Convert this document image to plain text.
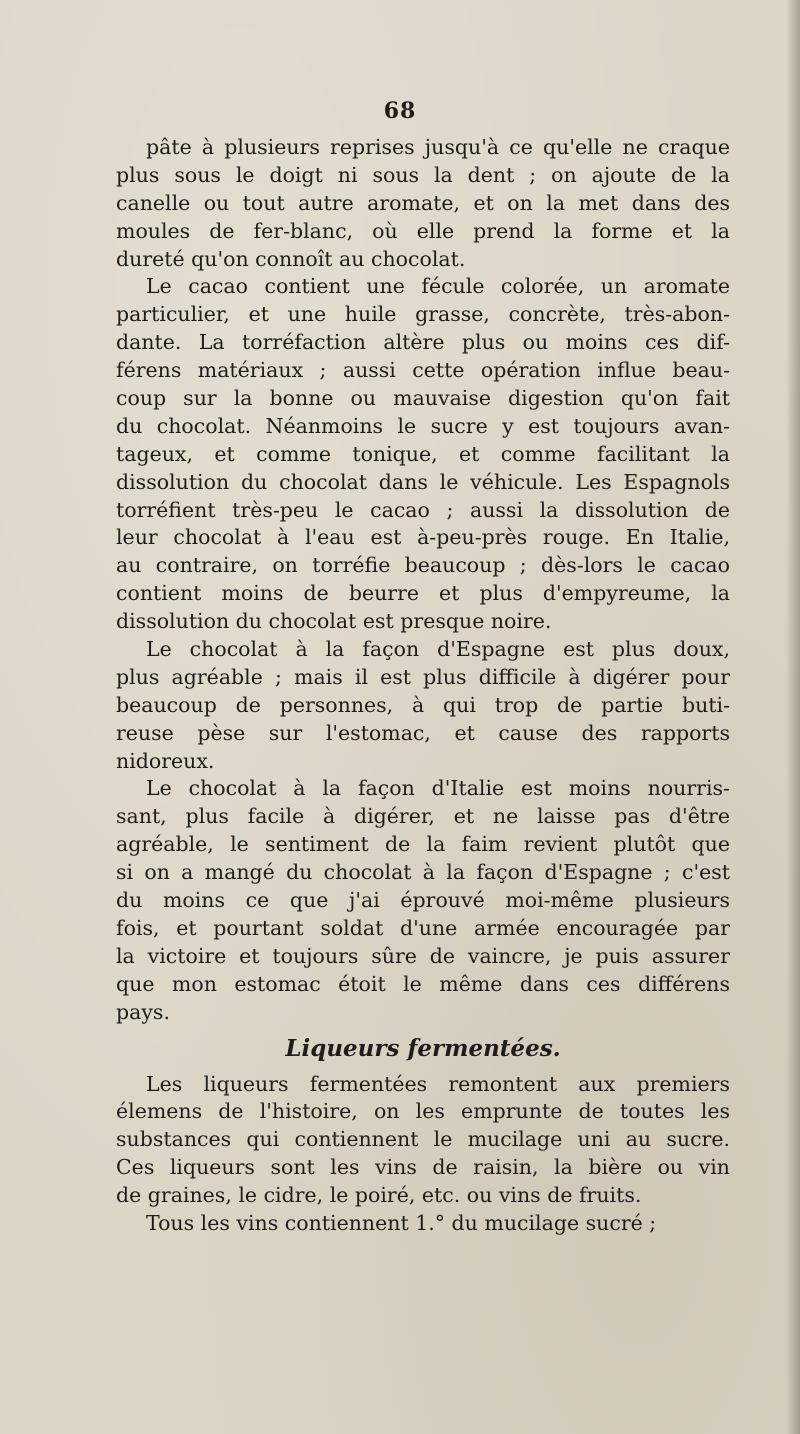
68
pâte à plusieurs reprises jusqu'à ce qu'elle ne craque
plus sous le doigt ni sous la dent ; on ajoute de la
canelle ou tout autre aromate, et on la met dans des
moules de fer-blanc, où elle prend la forme et la
dureté qu'on connoît au chocolat.
Le cacao contient une fécule colorée, un aromate
particulier, et une huile grasse, concrète, très-abon-
dante. La torréfaction altère plus ou moins ces dif-
férens matériaux ; aussi cette opération influe beau-
coup sur la bonne ou mauvaise digestion qu'on fait
du chocolat. Néanmoins le sucre y est toujours avan-
tageux, et comme tonique, et comme facilitant la
dissolution du chocolat dans le véhicule. Les Espagnols
torréfient très-peu le cacao ; aussi la dissolution de
leur chocolat à l'eau est à-peu-près rouge. En Italie,
au contraire, on torréfie beaucoup ; dès-lors le cacao
contient moins de beurre et plus d'empyreume, la
dissolution du chocolat est presque noire.
Le chocolat à la façon d'Espagne est plus doux,
plus agréable ; mais il est plus difficile à digérer pour
beaucoup de personnes, à qui trop de partie buti-
reuse pèse sur l'estomac, et cause des rapports
nidoreux.
Le chocolat à la façon d'Italie est moins nourris-
sant, plus facile à digérer, et ne laisse pas d'être
agréable, le sentiment de la faim revient plutôt que
si on a mangé du chocolat à la façon d'Espagne ; c'est
du moins ce que j'ai éprouvé moi-même plusieurs
fois, et pourtant soldat d'une armée encouragée par
la victoire et toujours sûre de vaincre, je puis assurer
que mon estomac étoit le même dans ces différens
pays.
Liqueurs fermentées.
Les liqueurs fermentées remontent aux premiers
élemens de l'histoire, on les emprunte de toutes les
substances qui contiennent le mucilage uni au sucre.
Ces liqueurs sont les vins de raisin, la bière ou vin
de graines, le cidre, le poiré, etc. ou vins de fruits.
Tous les vins contiennent 1.° du mucilage sucré ;
